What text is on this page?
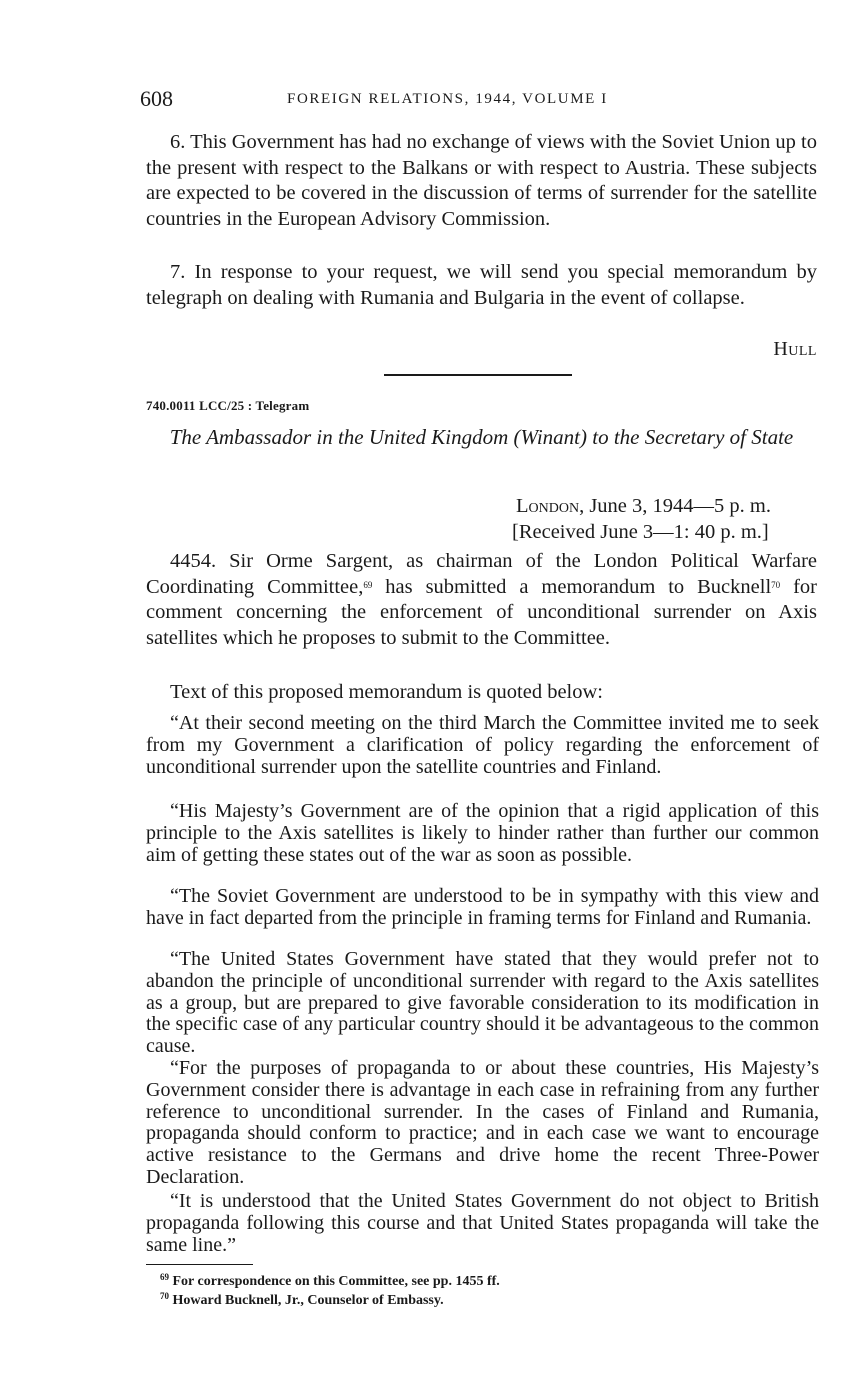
608	FOREIGN RELATIONS, 1944, VOLUME I
6. This Government has had no exchange of views with the Soviet Union up to the present with respect to the Balkans or with respect to Austria. These subjects are expected to be covered in the discussion of terms of surrender for the satellite countries in the European Advisory Commission.
7. In response to your request, we will send you special memorandum by telegraph on dealing with Rumania and Bulgaria in the event of collapse.
Hull
740.0011 LCC/25 : Telegram
The Ambassador in the United Kingdom (Winant) to the Secretary of State
London, June 3, 1944—5 p. m.
[Received June 3—1: 40 p. m.]
4454. Sir Orme Sargent, as chairman of the London Political Warfare Coordinating Committee,$^{69}$ has submitted a memorandum to Bucknell$^{70}$ for comment concerning the enforcement of unconditional surrender on Axis satellites which he proposes to submit to the Committee.
Text of this proposed memorandum is quoted below:
“At their second meeting on the third March the Committee invited me to seek from my Government a clarification of policy regarding the enforcement of unconditional surrender upon the satellite countries and Finland.
“His Majesty’s Government are of the opinion that a rigid application of this principle to the Axis satellites is likely to hinder rather than further our common aim of getting these states out of the war as soon as possible.
“The Soviet Government are understood to be in sympathy with this view and have in fact departed from the principle in framing terms for Finland and Rumania.
“The United States Government have stated that they would prefer not to abandon the principle of unconditional surrender with regard to the Axis satellites as a group, but are prepared to give favorable consideration to its modification in the specific case of any particular country should it be advantageous to the common cause.
“For the purposes of propaganda to or about these countries, His Majesty’s Government consider there is advantage in each case in refraining from any further reference to unconditional surrender. In the cases of Finland and Rumania, propaganda should conform to practice; and in each case we want to encourage active resistance to the Germans and drive home the recent Three-Power Declaration.
“It is understood that the United States Government do not object to British propaganda following this course and that United States propaganda will take the same line.”
$^{69}$ For correspondence on this Committee, see pp. 1455 ff.
$^{70}$ Howard Bucknell, Jr., Counselor of Embassy.
